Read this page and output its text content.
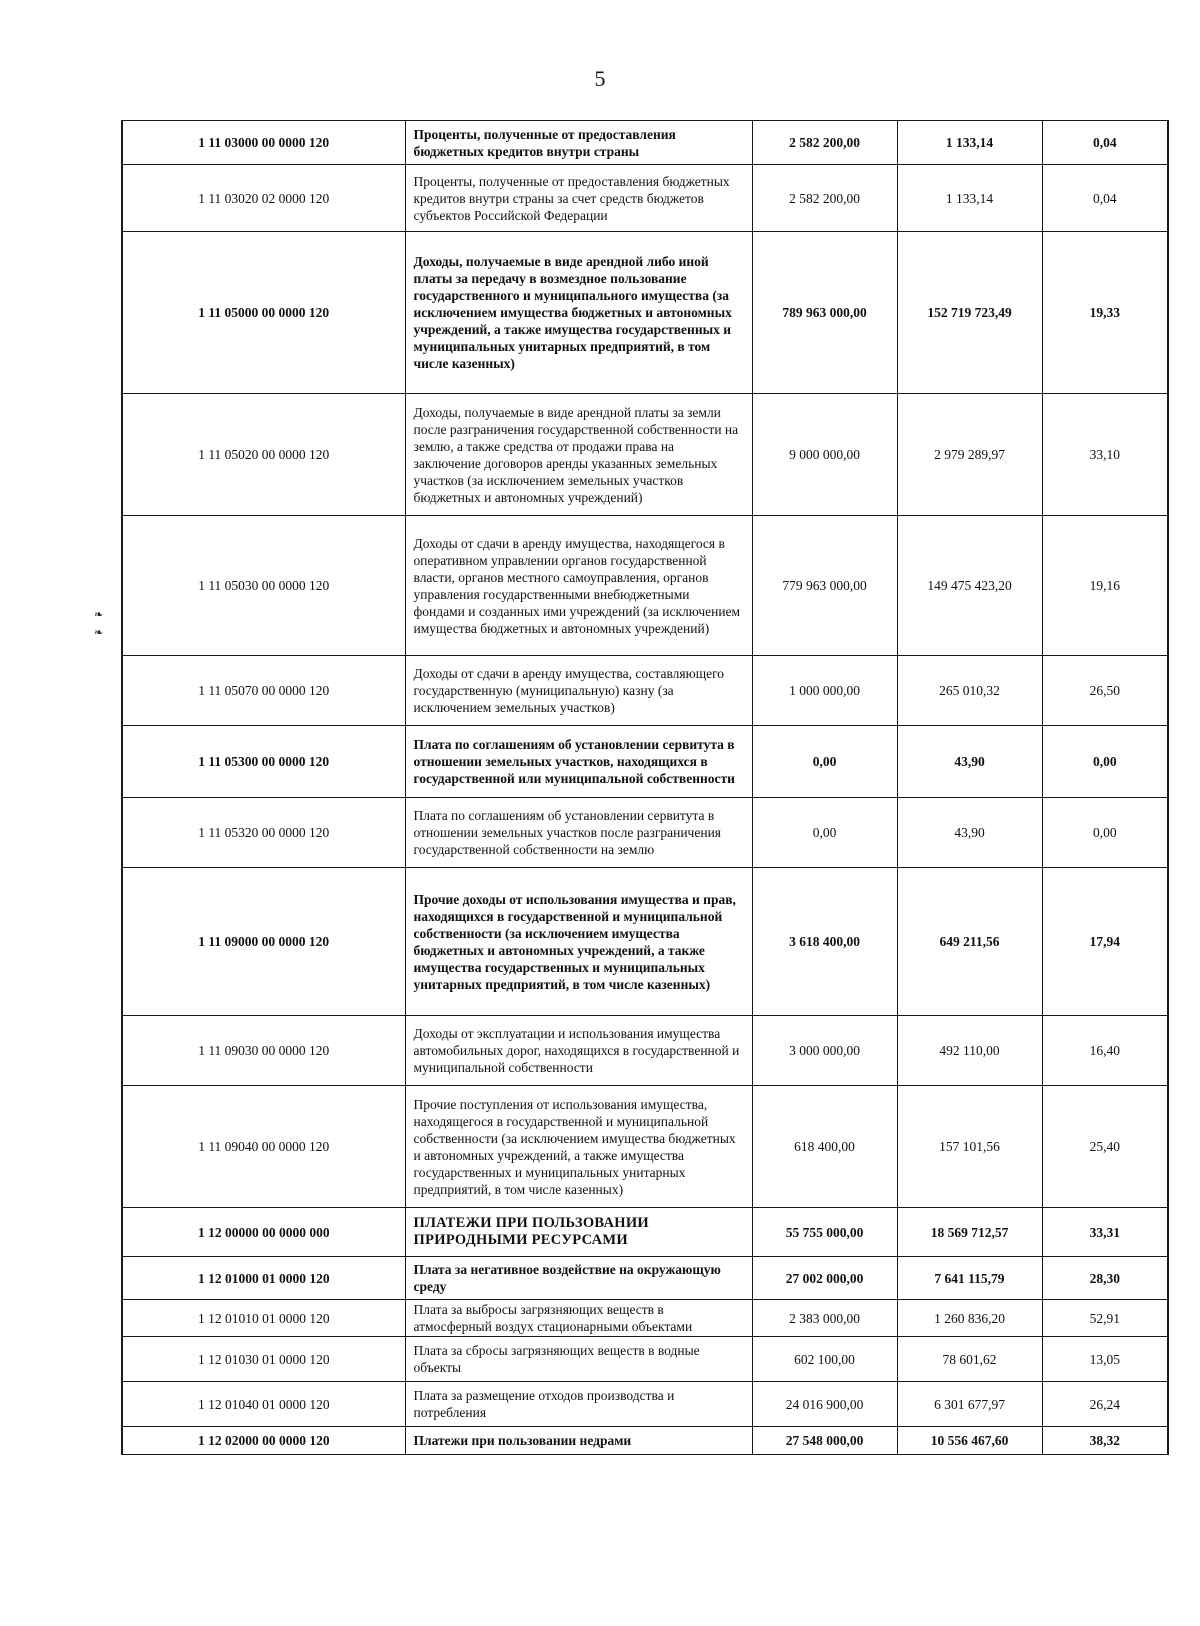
5
❧
❧
1 11 03000 00 0000 120	Проценты, полученные от предоставления бюджетных кредитов внутри страны	2 582 200,00	1 133,14	0,04
1 11 03020 02 0000 120	Проценты, полученные от предоставления бюджетных кредитов внутри страны за счет средств бюджетов субъектов Российской Федерации	2 582 200,00	1 133,14	0,04
1 11 05000 00 0000 120	Доходы, получаемые в виде арендной либо иной платы за передачу в возмездное пользование государственного и муниципального имущества (за исключением имущества бюджетных и автономных учреждений, а также имущества государственных и муниципальных унитарных предприятий, в том числе казенных)	789 963 000,00	152 719 723,49	19,33
1 11 05020 00 0000 120	Доходы, получаемые в виде арендной платы за земли после разграничения государственной собственности на землю, а также средства от продажи права на заключение договоров аренды указанных земельных участков (за исключением земельных участков бюджетных и автономных учреждений)	9 000 000,00	2 979 289,97	33,10
1 11 05030 00 0000 120	Доходы от сдачи в аренду имущества, находящегося в оперативном управлении органов государственной власти, органов местного самоуправления, органов управления государственными внебюджетными фондами и созданных ими учреждений (за исключением имущества бюджетных и автономных учреждений)	779 963 000,00	149 475 423,20	19,16
1 11 05070 00 0000 120	Доходы от сдачи в аренду имущества, составляющего государственную (муниципальную) казну (за исключением земельных участков)	1 000 000,00	265 010,32	26,50
1 11 05300 00 0000 120	Плата по соглашениям об установлении сервитута в отношении земельных участков, находящихся в государственной или муниципальной собственности	0,00	43,90	0,00
1 11 05320 00 0000 120	Плата по соглашениям об установлении сервитута в отношении земельных участков после разграничения государственной собственности на землю	0,00	43,90	0,00
1 11 09000 00 0000 120	Прочие доходы от использования имущества и прав, находящихся в государственной и муниципальной собственности (за исключением имущества бюджетных и автономных учреждений, а также имущества государственных и муниципальных унитарных предприятий, в том числе казенных)	3 618 400,00	649 211,56	17,94
1 11 09030 00 0000 120	Доходы от эксплуатации и использования имущества автомобильных дорог, находящихся в государственной и муниципальной собственности	3 000 000,00	492 110,00	16,40
1 11 09040 00 0000 120	Прочие поступления от использования имущества, находящегося в государственной и муниципальной собственности (за исключением имущества бюджетных и автономных учреждений, а также имущества государственных и муниципальных унитарных предприятий, в том числе казенных)	618 400,00	157 101,56	25,40
1 12 00000 00 0000 000	ПЛАТЕЖИ ПРИ ПОЛЬЗОВАНИИ ПРИРОДНЫМИ РЕСУРСАМИ	55 755 000,00	18 569 712,57	33,31
1 12 01000 01 0000 120	Плата за негативное воздействие на окружающую среду	27 002 000,00	7 641 115,79	28,30
1 12 01010 01 0000 120	Плата за выбросы загрязняющих веществ в атмосферный воздух стационарными объектами	2 383 000,00	1 260 836,20	52,91
1 12 01030 01 0000 120	Плата за сбросы загрязняющих веществ в водные объекты	602 100,00	78 601,62	13,05
1 12 01040 01 0000 120	Плата за размещение отходов производства и потребления	24 016 900,00	6 301 677,97	26,24
1 12 02000 00 0000 120	Платежи при пользовании недрами	27 548 000,00	10 556 467,60	38,32
